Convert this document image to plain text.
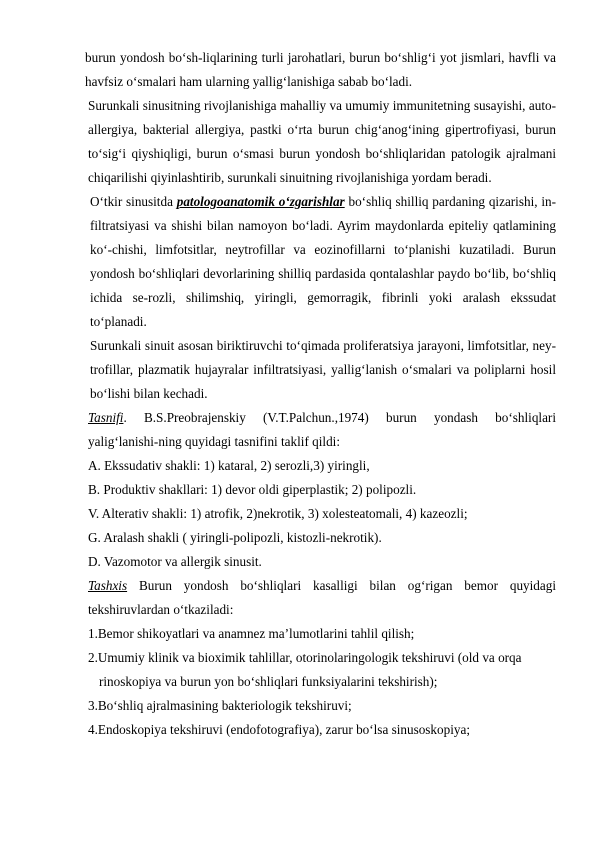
burun yondosh bo‘sh-liqlarining turli jarohatlari, burun bo‘shlig‘i yot jismlari, havfli va havfsiz o‘smalari ham ularning yallig‘lanishiga sabab bo‘ladi.

Surunkali sinusitning rivojlanishiga mahalliy va umumiy immunitetning susayishi, auto-allergiya, bakterial allergiya, pastki o‘rta burun chig‘anog‘ining gipertrofiyasi, burun to‘sig‘i qiyshiqligi, burun o‘smasi burun yondosh bo‘shliqlaridan patologik ajralmani chiqarilishi qiyinlashtirib, surunkali sinuitning rivojlanishiga yordam beradi.

O‘tkir sinusitda patologoanatomik o‘zgarishlar bo‘shliq shilliq pardaning qizarishi, in-filtratsiyasi va shishi bilan namoyon bo‘ladi. Ayrim maydonlarda epiteliy qatlamining ko‘-chishi, limfotsitlar, neytrofillar va eozinofillarni to‘planishi kuzatiladi. Burun yondosh bo‘shliqlari devorlarining shilliq pardasida qontalashlar paydo bo‘lib, bo‘shliq ichida se-rozli, shilimshiq, yiringli, gemorragik, fibrinli yoki aralash ekssudat to‘planadi.

Surunkali sinuit asosan biriktiruvchi to‘qimada proliferatsiya jarayoni, limfotsitlar, ney-trofillar, plazmatik hujayralar infiltratsiyasi, yallig‘lanish o‘smalari va poliplarni hosil bo‘lishi bilan kechadi.

Tasnifi. B.S.Preobrajenskiy (V.T.Palchun.,1974) burun yondash bo‘shliqlari yalig‘lanishi-ning quyidagi tasnifini taklif qildi:

A. Ekssudativ shakli: 1) kataral, 2) serozli,3) yiringli,

B. Produktiv shakllari: 1) devor oldi giperplastik; 2) polipozli.

V. Alterativ shakli: 1) atrofik, 2)nekrotik, 3) xolesteatomali, 4) kazeozli;

G. Aralash shakli ( yiringli-polipozli, kistozli-nekrotik).

D. Vazomotor va allergik sinusit.

Tashxis Burun yondosh bo‘shliqlari kasalligi bilan og‘rigan bemor quyidagi tekshiruvlardan o‘tkaziladi:

1.Bemor shikoyatlari va anamnez ma’lumotlarini tahlil qilish;

2.Umumiy klinik va bioximik tahlillar, otorinolaringologik tekshiruvi (old va orqa

rinoskopiya va burun yon bo‘shliqlari funksiyalarini tekshirish);

3.Bo‘shliq ajralmasining bakteriologik tekshiruvi;

4.Endoskopiya tekshiruvi (endofotografiya), zarur bo‘lsa sinusoskopiya;
